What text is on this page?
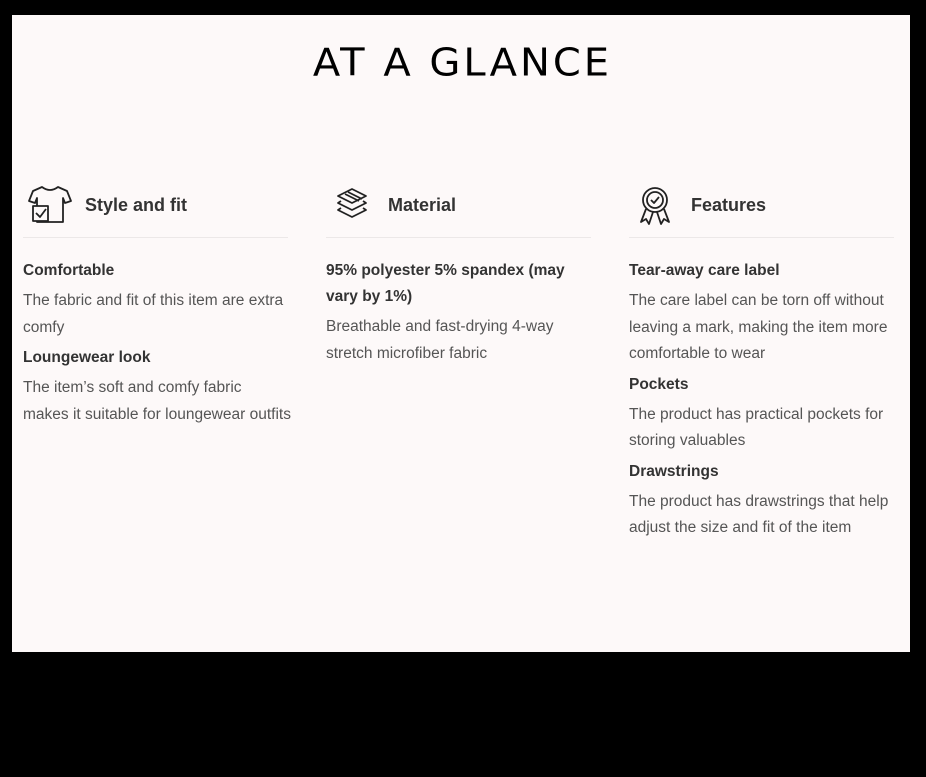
AT A GLANCE
Style and fit
Comfortable
The fabric and fit of this item are extra comfy
Loungewear look
The item’s soft and comfy fabric makes it suitable for loungewear outfits
Material
95% polyester 5% spandex (may vary by 1%)
Breathable and fast-drying 4-way stretch microfiber fabric
Features
Tear-away care label
The care label can be torn off without leaving a mark, making the item more comfortable to wear
Pockets
The product has practical pockets for storing valuables
Drawstrings
The product has drawstrings that help adjust the size and fit of the item
